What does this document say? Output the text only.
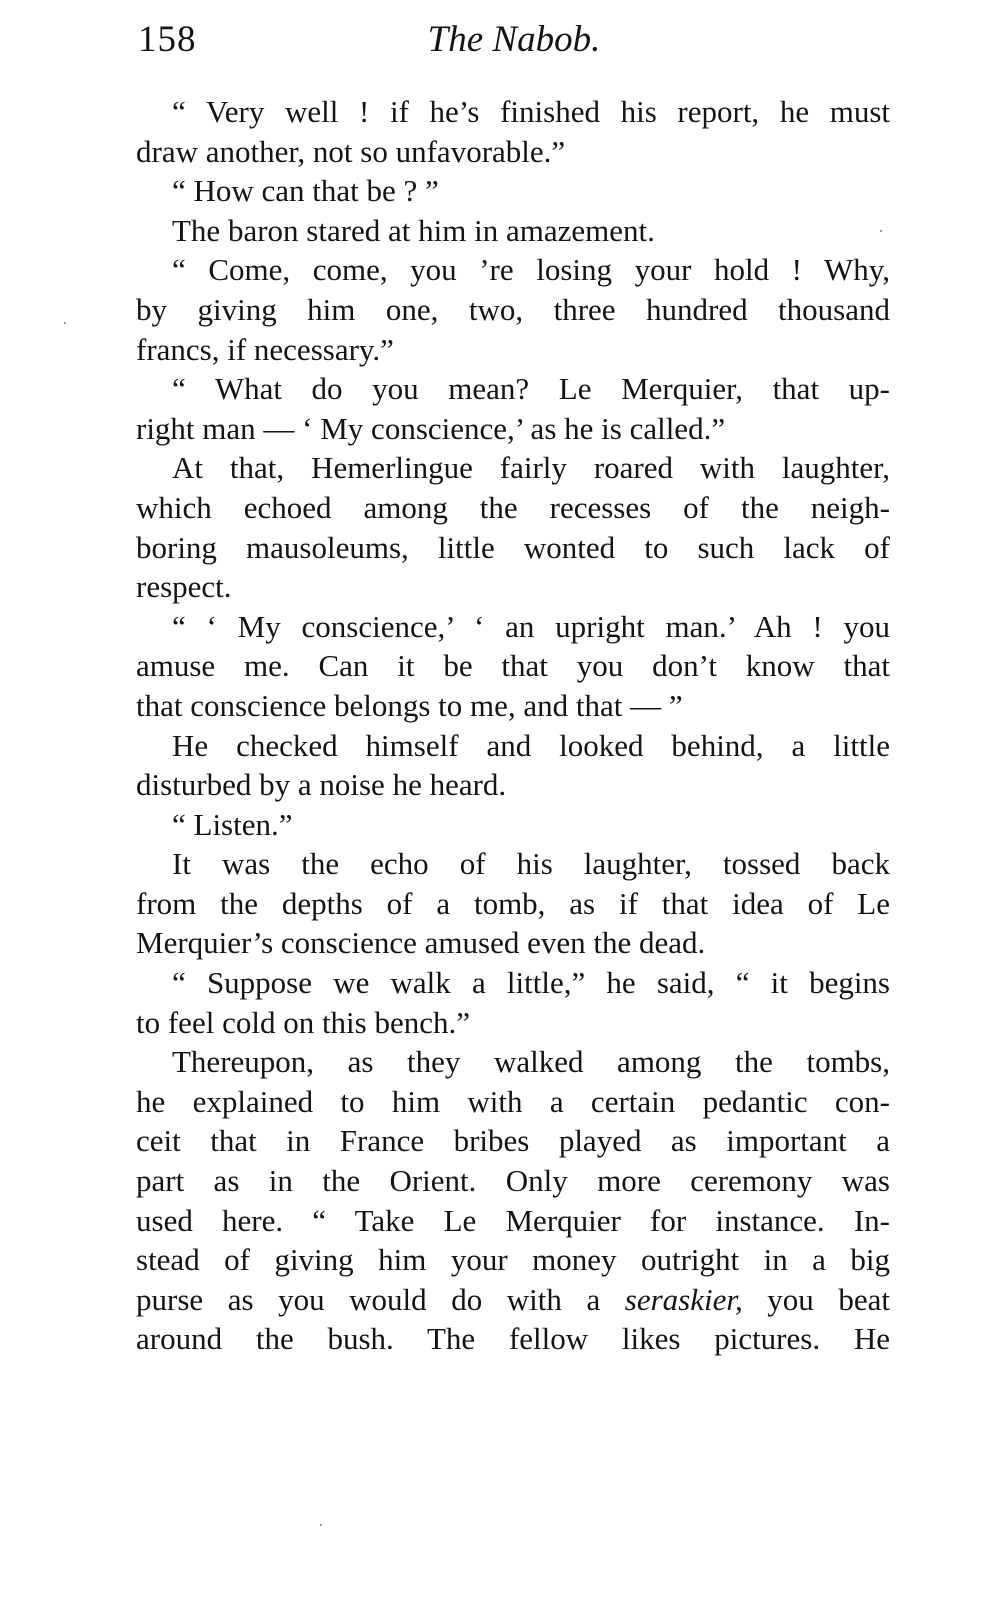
158	The Nabob.
“ Very well ! if he’s finished his report, he must
draw another, not so unfavorable.”
“ How can that be ? ”
The baron stared at him in amazement.
“ Come, come, you ’re losing your hold ! Why,
by giving him one, two, three hundred thousand
francs, if necessary.”
“ What do you mean? Le Merquier, that up-
right man — ‘ My conscience,’ as he is called.”
At that, Hemerlingue fairly roared with laughter,
which echoed among the recesses of the neigh-
boring mausoleums, little wonted to such lack of
respect.
“ ‘ My conscience,’ ‘ an upright man.’ Ah ! you
amuse me. Can it be that you don’t know that
that conscience belongs to me, and that — ”
He checked himself and looked behind, a little
disturbed by a noise he heard.
“ Listen.”
It was the echo of his laughter, tossed back
from the depths of a tomb, as if that idea of Le
Merquier’s conscience amused even the dead.
“ Suppose we walk a little,” he said, “ it begins
to feel cold on this bench.”
Thereupon, as they walked among the tombs,
he explained to him with a certain pedantic con-
ceit that in France bribes played as important a
part as in the Orient. Only more ceremony was
used here. “ Take Le Merquier for instance. In-
stead of giving him your money outright in a big
purse as you would do with a seraskier, you beat
around the bush. The fellow likes pictures. He
